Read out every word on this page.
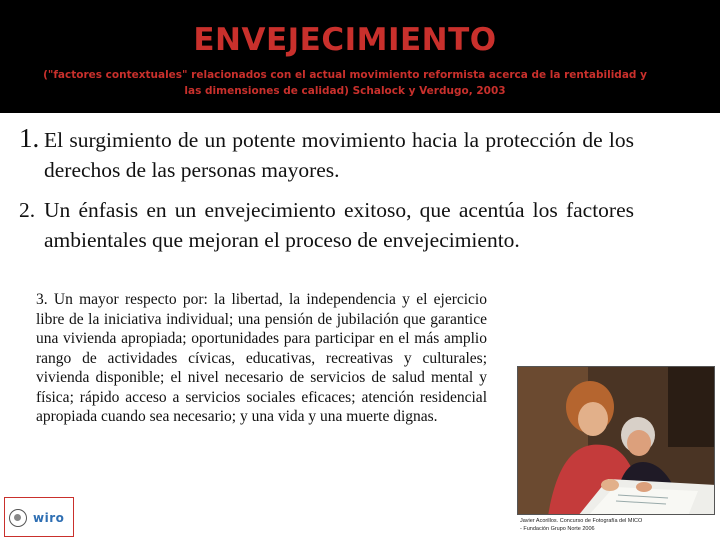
ENVEJECIMIENTO
("factores contextuales" relacionados con el actual movimiento reformista acerca de la rentabilidad y las dimensiones de calidad) Schalock y Verdugo, 2003
1. El surgimiento de un potente movimiento hacia la protección de los derechos de las personas mayores.
2. Un énfasis en un envejecimiento exitoso, que acentúa los factores ambientales que mejoran el proceso de envejecimiento.
3. Un mayor respecto por: la libertad, la independencia y el ejercicio libre de la iniciativa individual; una pensión de jubilación que garantice una vivienda apropiada; oportunidades para participar en el más amplio rango de actividades cívicas, educativas, recreativas y culturales; vivienda disponible; el nivel necesario de servicios de salud mental y física; rápido acceso a servicios sociales eficaces; atención residencial apropiada cuando sea necesario; y una vida y una muerte dignas.
Javier Acorillos. Concurso de Fotografía del MICO
- Fundación Grupo Norte 2006
wiro
